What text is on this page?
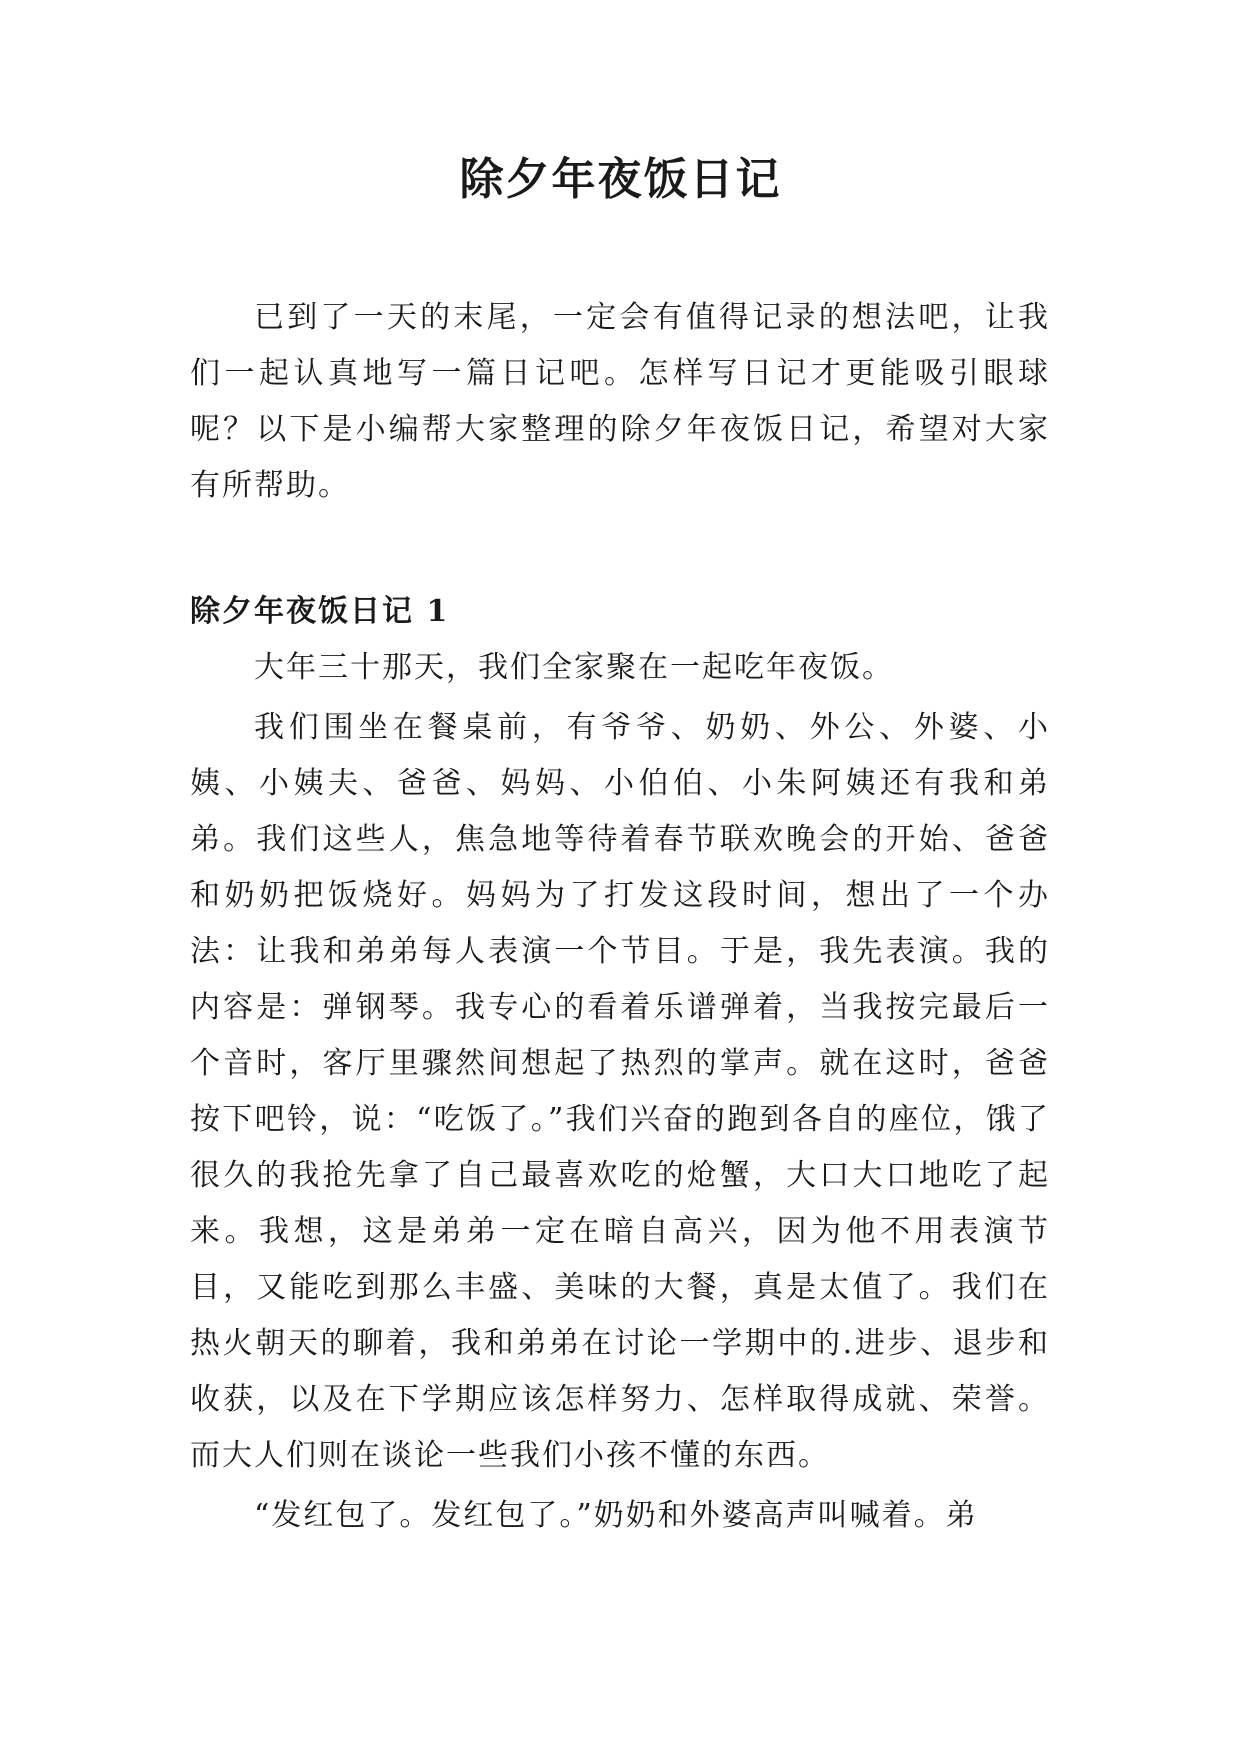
除夕年夜饭日记

已到了一天的末尾，一定会有值得记录的想法吧，让我们一起认真地写一篇日记吧。怎样写日记才更能吸引眼球呢？以下是小编帮大家整理的除夕年夜饭日记，希望对大家有所帮助。

除夕年夜饭日记 1

大年三十那天，我们全家聚在一起吃年夜饭。

我们围坐在餐桌前，有爷爷、奶奶、外公、外婆、小姨、小姨夫、爸爸、妈妈、小伯伯、小朱阿姨还有我和弟弟。我们这些人，焦急地等待着春节联欢晚会的开始、爸爸和奶奶把饭烧好。妈妈为了打发这段时间，想出了一个办法：让我和弟弟每人表演一个节目。于是，我先表演。我的内容是：弹钢琴。我专心的看着乐谱弹着，当我按完最后一个音时，客厅里骤然间想起了热烈的掌声。就在这时，爸爸按下吧铃，说：“吃饭了。”我们兴奋的跑到各自的座位，饿了很久的我抢先拿了自己最喜欢吃的炝蟹，大口大口地吃了起来。我想，这是弟弟一定在暗自高兴，因为他不用表演节目，又能吃到那么丰盛、美味的大餐，真是太值了。我们在热火朝天的聊着，我和弟弟在讨论一学期中的.进步、退步和收获，以及在下学期应该怎样努力、怎样取得成就、荣誉。而大人们则在谈论一些我们小孩不懂的东西。

“发红包了。发红包了。”奶奶和外婆高声叫喊着。弟
